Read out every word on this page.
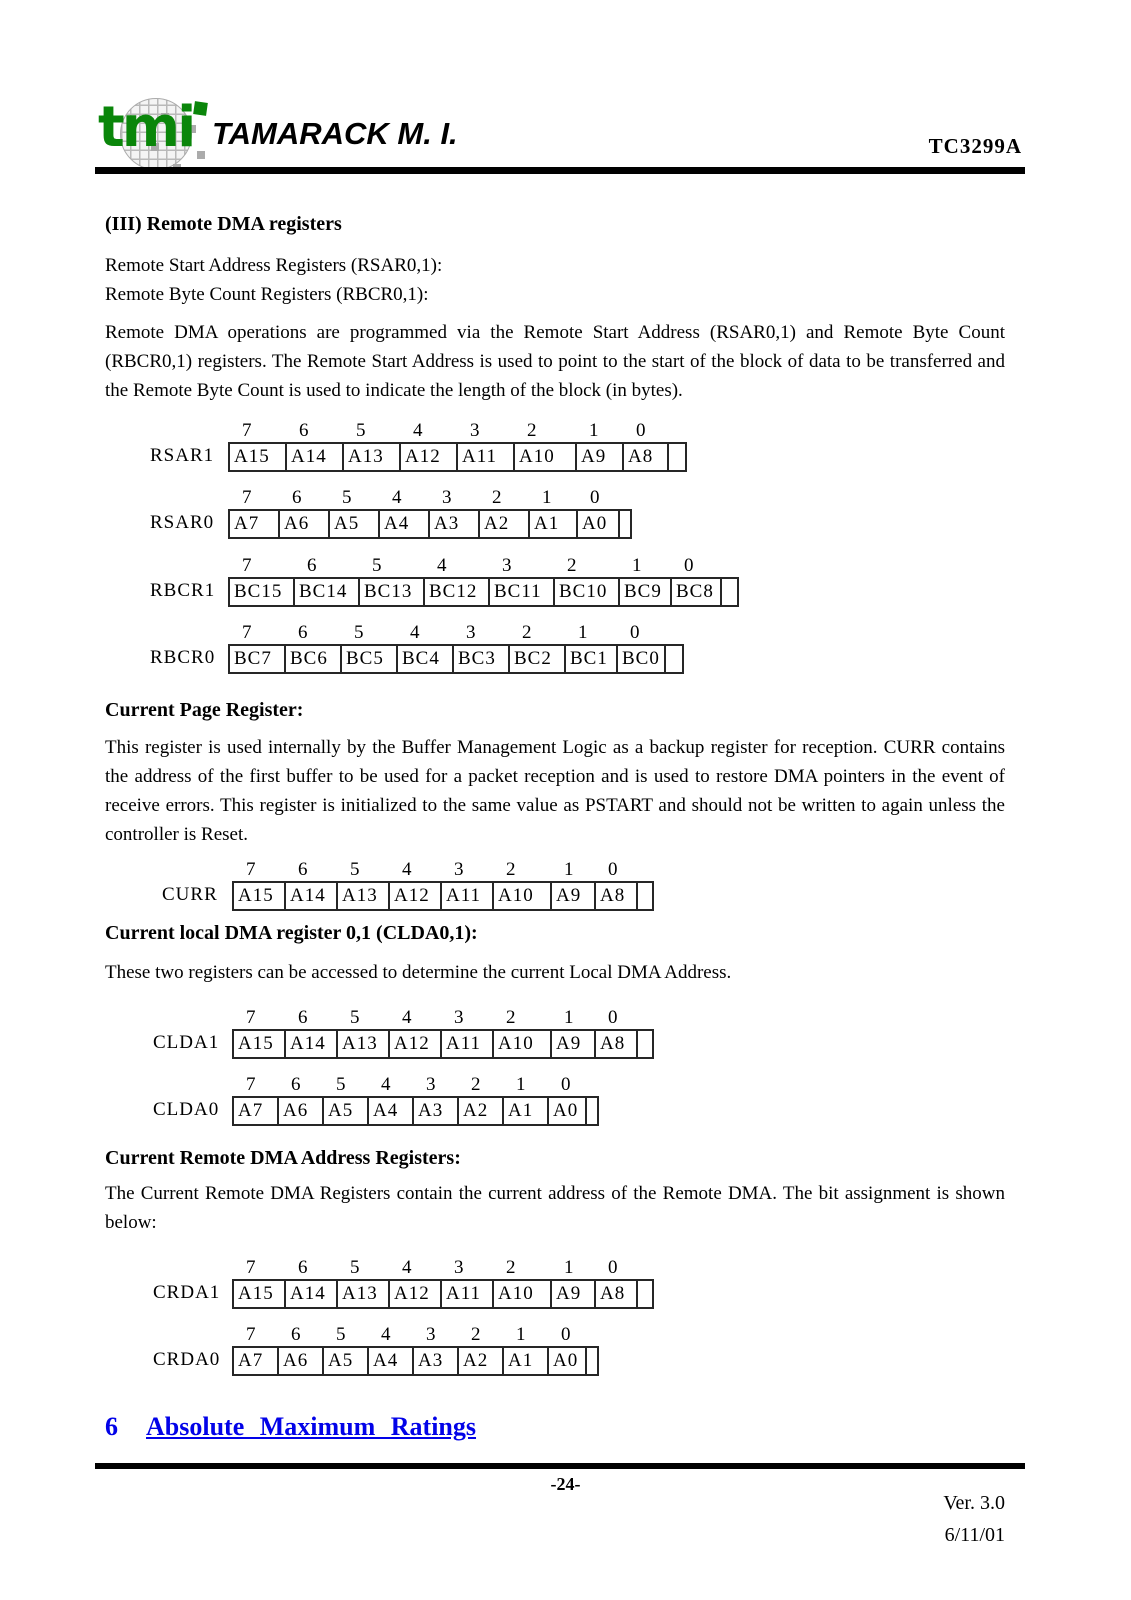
tmi TAMARACK M. I.	TC3299A
(III) Remote DMA registers
Remote Start Address Registers (RSAR0,1):
Remote Byte Count Registers (RBCR0,1):
Remote DMA operations are programmed via the Remote Start Address (RSAR0,1) and Remote Byte Count (RBCR0,1) registers. The Remote Start Address is used to point to the start of the block of data to be transferred and the Remote Byte Count is used to indicate the length of the block (in bytes).
RSAR1
7	6	5	4	3	2	1	0
A15	A14	A13	A12	A11	A10	A9	A8
RSAR0
7	6	5	4	3	2	1	0
A7	A6	A5	A4	A3	A2	A1	A0
RBCR1
7	6	5	4	3	2	1	0
BC15 BC14 BC13 BC12 BC11 BC10 BC9 BC8
RBCR0
7	6	5	4	3	2	1	0
BC7 BC6 BC5 BC4 BC3 BC2 BC1 BC0
Current Page Register:
This register is used internally by the Buffer Management Logic as a backup register for reception. CURR contains the address of the first buffer to be used for a packet reception and is used to restore DMA pointers in the event of receive errors. This register is initialized to the same value as PSTART and should not be written to again unless the controller is Reset.
CURR
7	6	5	4	3	2	1	0
A15 A14 A13 A12 A11 A10	A9 A8
Current local DMA register 0,1 (CLDA0,1):
These two registers can be accessed to determine the current Local DMA Address.
CLDA1
7	6	5	4	3	2	1	0
A15 A14 A13 A12 A11 A10	A9 A8
CLDA0
7	6	5	4	3	2	1	0
A7	A6	A5	A4	A3	A2	A1	A0
Current Remote DMA Address Registers:
The Current Remote DMA Registers contain the current address of the Remote DMA. The bit assignment is shown below:
CRDA1
7	6	5	4	3	2	1	0
A15 A14 A13 A12 A11 A10	A9 A8
CRDA0
7	6	5	4	3	2	1	0
A7	A6	A5	A4	A3	A2	A1	A0
6 Absolute Maximum Ratings
-24-
Ver. 3.0
6/11/01
